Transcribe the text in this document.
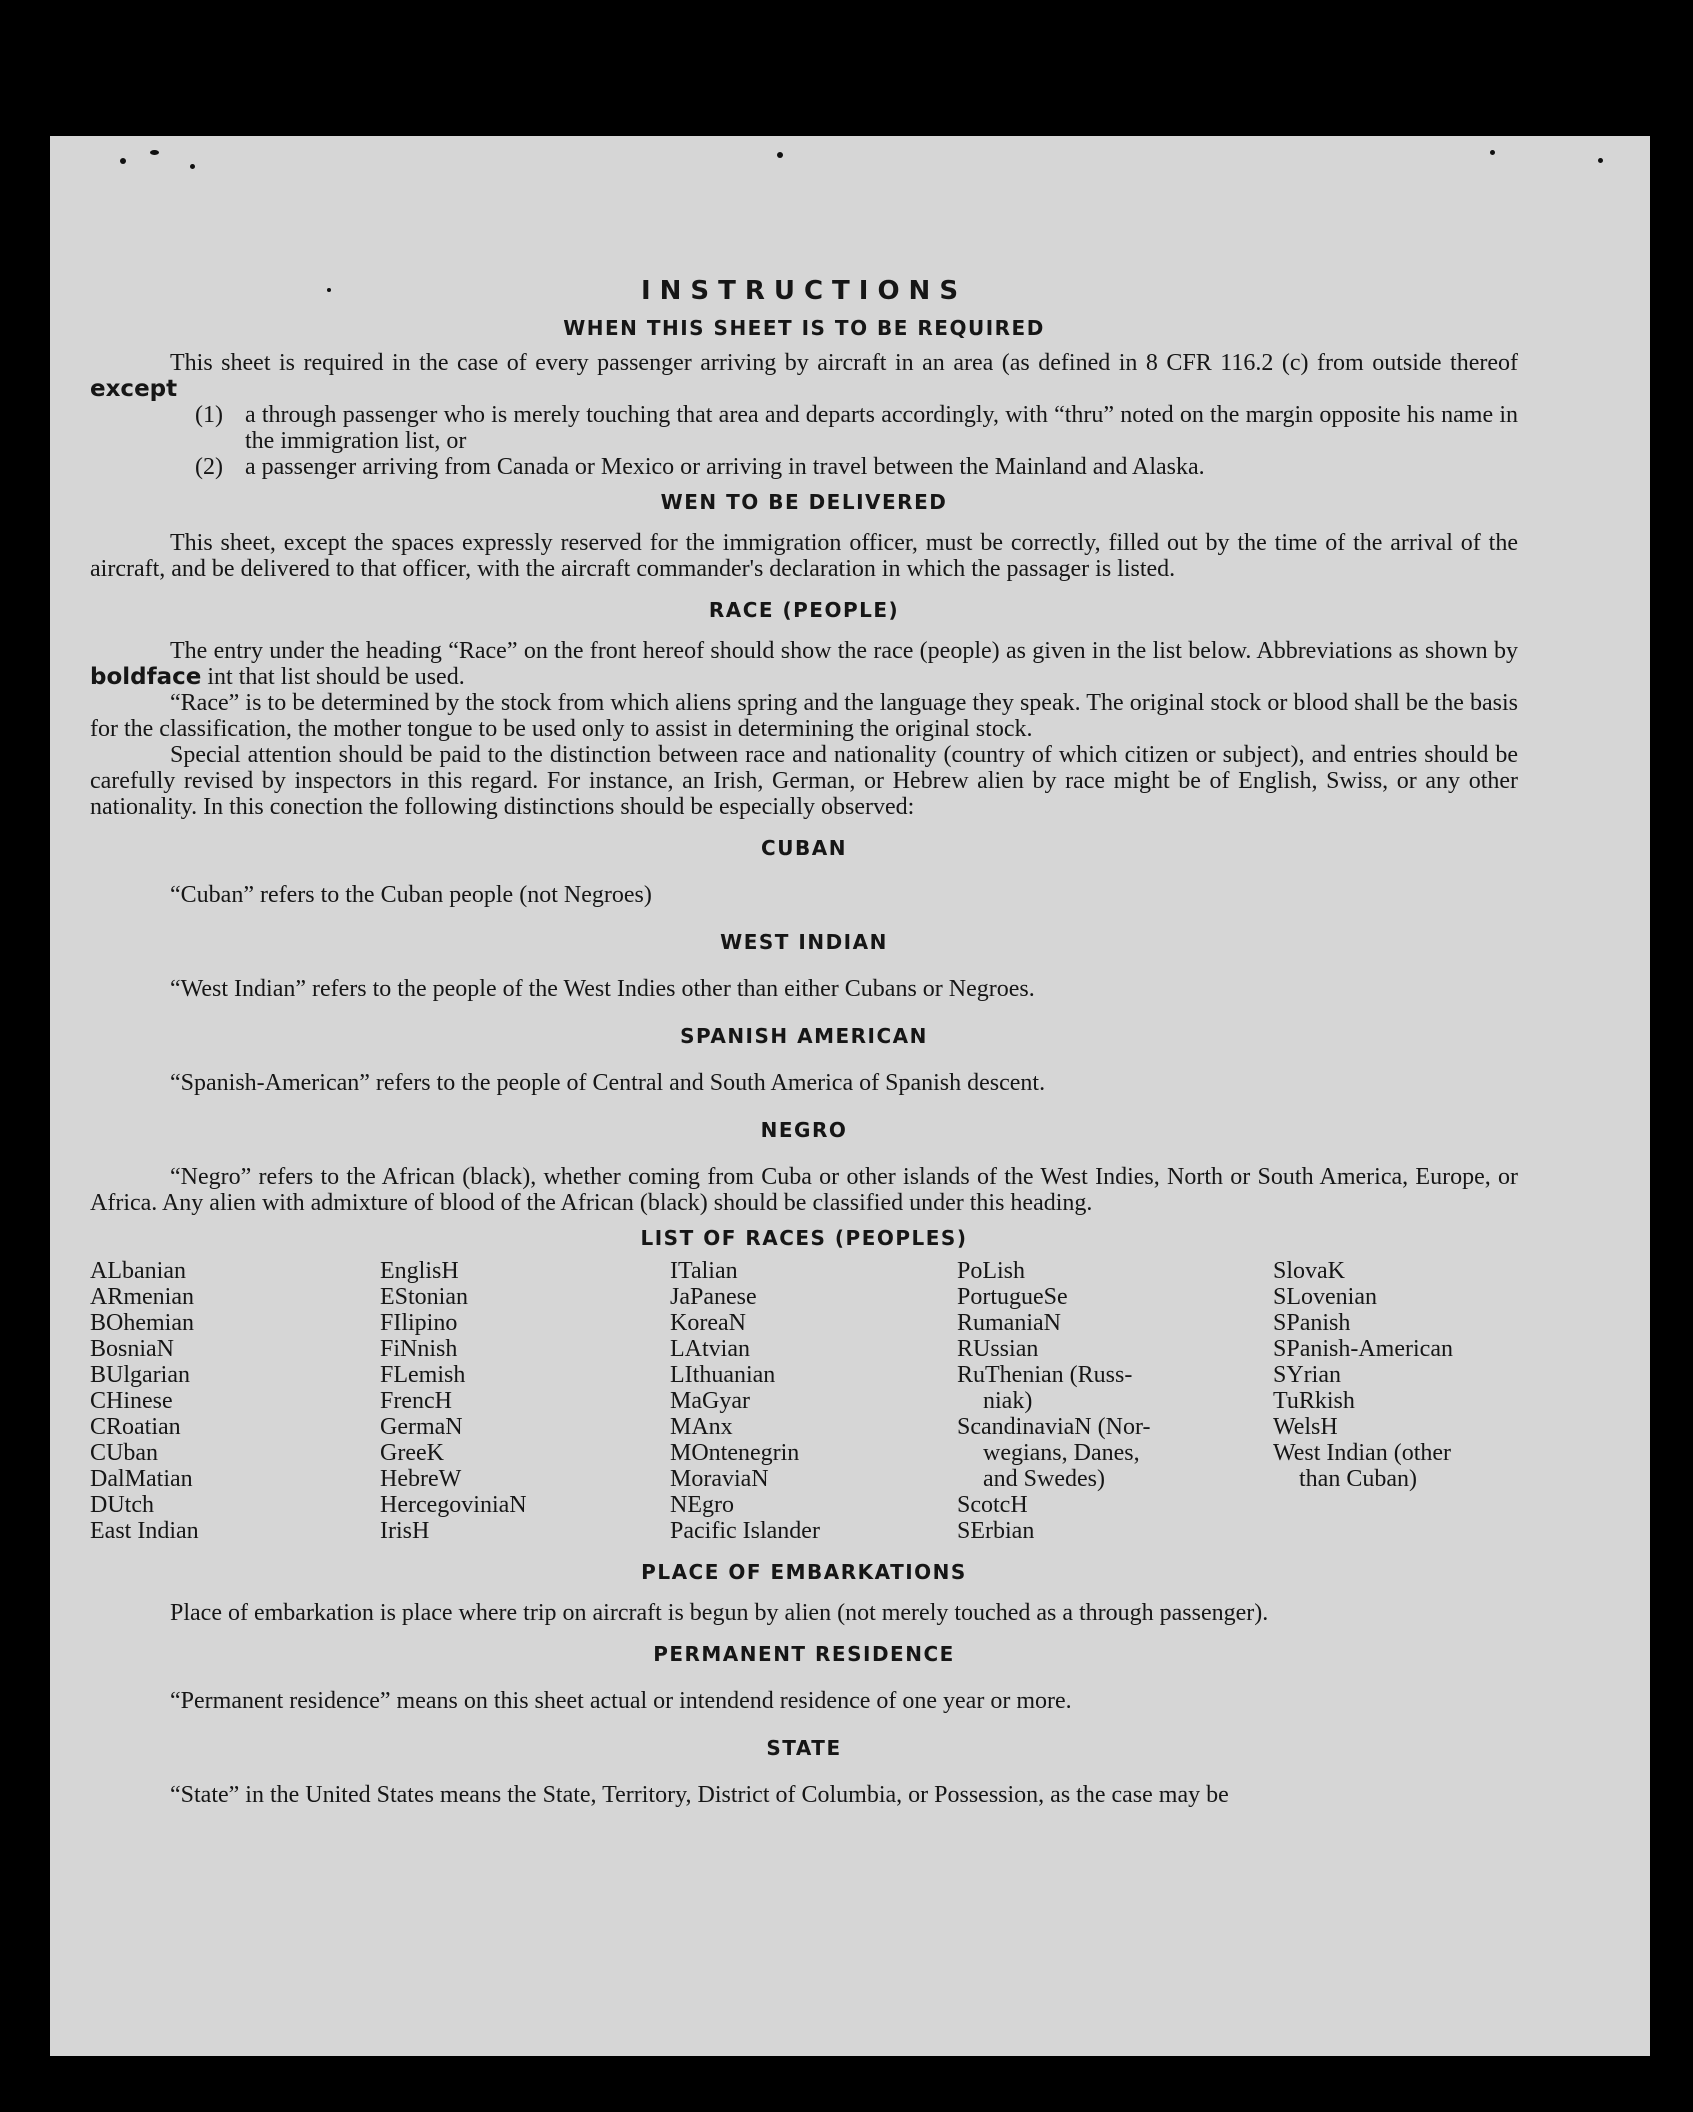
INSTRUCTIONS
WHEN THIS SHEET IS TO BE REQUIRED

This sheet is required in the case of every passenger arriving by aircraft in an area (as defined in 8 CFR 116.2 (c) from outside thereof except

(1) a through passenger who is merely touching that area and departs accordingly, with “thru” noted on the margin opposite his name in the immigration list, or
(2) a passenger arriving from Canada or Mexico or arriving in travel between the Mainland and Alaska.
WEN TO BE DELIVERED

This sheet, except the spaces expressly reserved for the immigration officer, must be correctly, filled out by the time of the arrival of the aircraft, and be delivered to that officer, with the aircraft commander's declaration in which the passager is listed.

RACE (PEOPLE)

The entry under the heading “Race” on the front hereof should show the race (people) as given in the list below. Abbreviations as shown by boldface int that list should be used.

“Race” is to be determined by the stock from which aliens spring and the language they speak. The original stock or blood shall be the basis for the classification, the mother tongue to be used only to assist in determining the original stock.

Special attention should be paid to the distinction between race and nationality (country of which citizen or subject), and entries should be carefully revised by inspectors in this regard. For instance, an Irish, German, or Hebrew alien by race might be of English, Swiss, or any other nationality. In this conection the following distinctions should be especially observed:

CUBAN

“Cuban” refers to the Cuban people (not Negroes)

WEST INDIAN

“West Indian” refers to the people of the West Indies other than either Cubans or Negroes.

SPANISH AMERICAN

“Spanish-American” refers to the people of Central and South America of Spanish descent.

NEGRO

“Negro” refers to the African (black), whether coming from Cuba or other islands of the West Indies, North or South America, Europe, or Africa. Any alien with admixture of blood of the African (black) should be classified under this heading.

LIST OF RACES (PEOPLES)
ALbanian
ARmenian
BOhemian
BosniaN
BUlgarian
CHinese
CRoatian
CUban
DalMatian
DUtch
East Indian
EnglisH
EStonian
FIlipino
FiNnish
FLemish
FrencH
GermaN
GreeK
HebreW
HercegoviniaN
IrisH
ITalian
JaPanese
KoreaN
LAtvian
LIthuanian
MaGyar
MAnx
MOntenegrin
MoraviaN
NEgro
Pacific Islander
PoLish
PortugueSe
RumaniaN
RUssian
RuThenian (Russ-
niak)
ScandinaviaN (Nor-
wegians, Danes,
and Swedes)
ScotcH
SErbian
SlovaK
SLovenian
SPanish
SPanish-American
SYrian
TuRkish
WelsH
West Indian (other
than Cuban)
PLACE OF EMBARKATIONS

Place of embarkation is place where trip on aircraft is begun by alien (not merely touched as a through passenger).

PERMANENT RESIDENCE

“Permanent residence” means on this sheet actual or intendend residence of one year or more.

STATE

“State” in the United States means the State, Territory, District of Columbia, or Possession, as the case may be
